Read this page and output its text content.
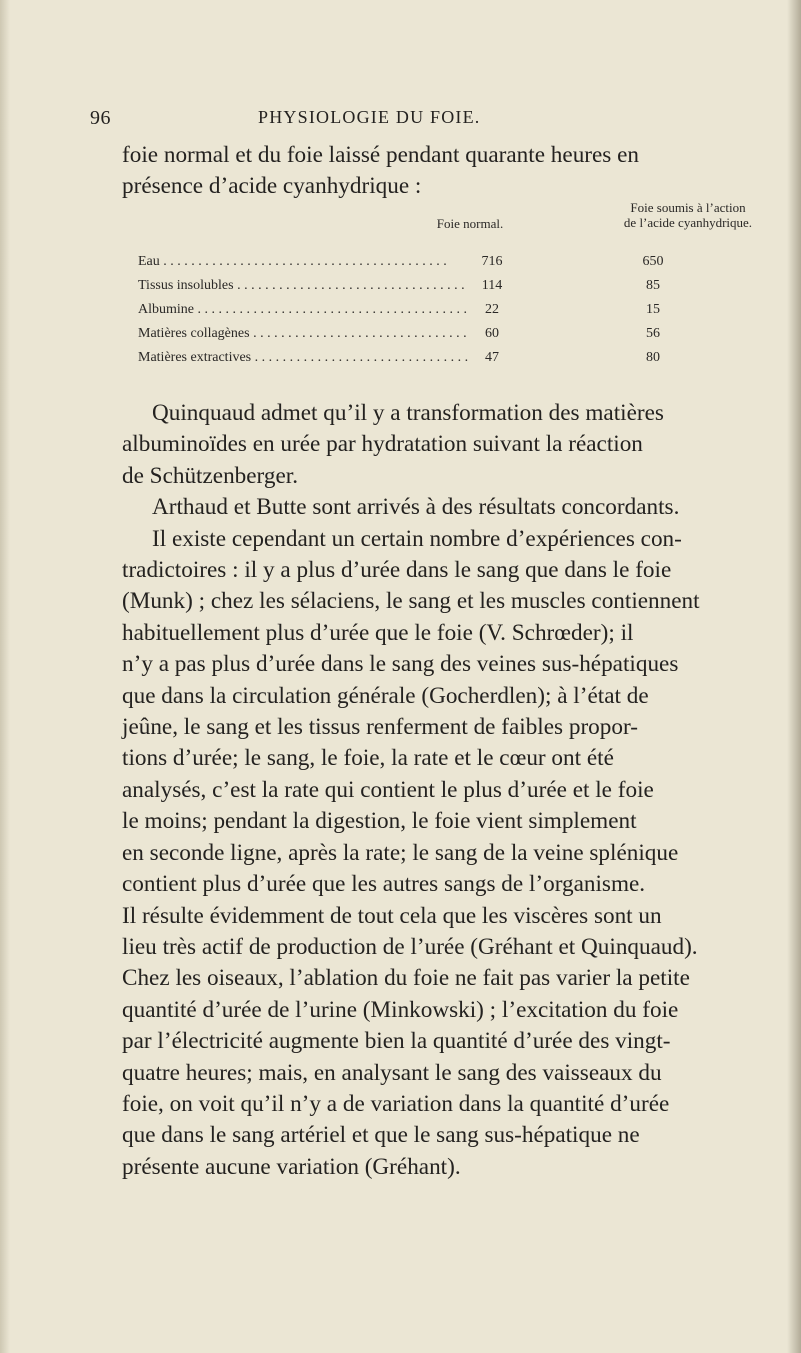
96	PHYSIOLOGIE DU FOIE.
foie normal et du foie laissé pendant quarante heures en
présence d’acide cyanhydrique :
Foie normal.
Foie soumis à l’action
de l’acide cyanhydrique.
Eau . . .	716	650
Tissus insolubles . . .	114	85
Albumine . . .	22	15
Matières collagènes . . .	60	56
Matières extractives . . .	47	80
Quinquaud admet qu’il y a transformation des matières
albuminoïdes en urée par hydratation suivant la réaction
de Schützenberger.
Arthaud et Butte sont arrivés à des résultats concordants.
Il existe cependant un certain nombre d’expériences con-
tradictoires : il y a plus d’urée dans le sang que dans le foie
(Munk) ; chez les sélaciens, le sang et les muscles contiennent
habituellement plus d’urée que le foie (V. Schrœder); il
n’y a pas plus d’urée dans le sang des veines sus-hépatiques
que dans la circulation générale (Gocherdlen); à l’état de
jeûne, le sang et les tissus renferment de faibles propor-
tions d’urée; le sang, le foie, la rate et le cœur ont été
analysés, c’est la rate qui contient le plus d’urée et le foie
le moins; pendant la digestion, le foie vient simplement
en seconde ligne, après la rate; le sang de la veine splénique
contient plus d’urée que les autres sangs de l’organisme.
Il résulte évidemment de tout cela que les viscères sont un
lieu très actif de production de l’urée (Gréhant et Quinquaud).
Chez les oiseaux, l’ablation du foie ne fait pas varier la petite
quantité d’urée de l’urine (Minkowski) ; l’excitation du foie
par l’électricité augmente bien la quantité d’urée des vingt-
quatre heures; mais, en analysant le sang des vaisseaux du
foie, on voit qu’il n’y a de variation dans la quantité d’urée
que dans le sang artériel et que le sang sus-hépatique ne
présente aucune variation (Gréhant).
